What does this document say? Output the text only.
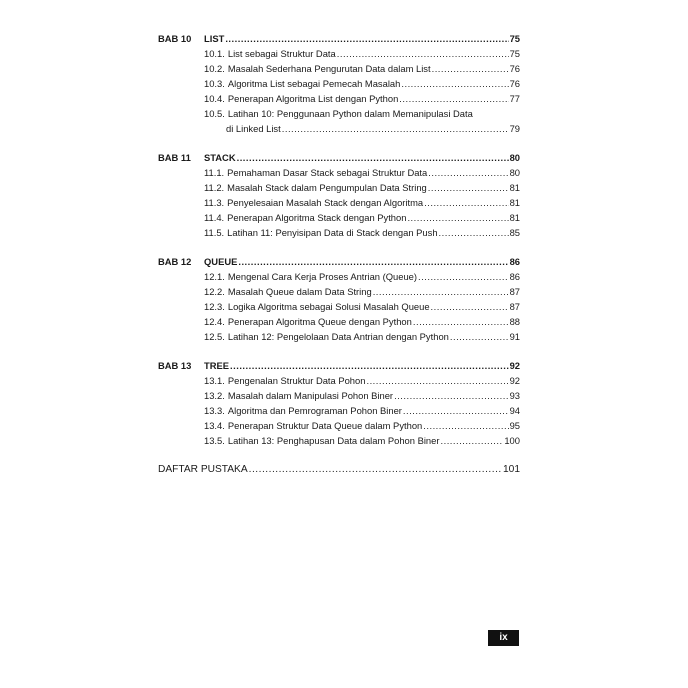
BAB 10 LIST .....	75
10.1. List sebagai Struktur Data .....	75
10.2. Masalah Sederhana Pengurutan Data dalam List .....	76
10.3. Algoritma List sebagai Pemecah Masalah .....	76
10.4. Penerapan Algoritma List dengan Python .....	77
10.5. Latihan 10: Penggunaan Python dalam Memanipulasi Data
di Linked List .....	79
BAB 11 STACK .....	80
11.1. Pemahaman Dasar Stack sebagai Struktur Data .....	80
11.2. Masalah Stack dalam Pengumpulan Data String .....	81
11.3. Penyelesaian Masalah Stack dengan Algoritma .....	81
11.4. Penerapan Algoritma Stack dengan Python .....	81
11.5. Latihan 11: Penyisipan Data di Stack dengan Push .....	85
BAB 12 QUEUE .....	86
12.1. Mengenal Cara Kerja Proses Antrian (Queue) .....	86
12.2. Masalah Queue dalam Data String .....	87
12.3. Logika Algoritma sebagai Solusi Masalah Queue .....	87
12.4. Penerapan Algoritma Queue dengan Python .....	88
12.5. Latihan 12: Pengelolaan Data Antrian dengan Python .....	91
BAB 13 TREE .....	92
13.1. Pengenalan Struktur Data Pohon .....	92
13.2. Masalah dalam Manipulasi Pohon Biner .....	93
13.3. Algoritma dan Pemrograman Pohon Biner .....	94
13.4. Penerapan Struktur Data Queue dalam Python .....	95
13.5. Latihan 13: Penghapusan Data dalam Pohon Biner .....	100
DAFTAR PUSTAKA .....	101
ix
